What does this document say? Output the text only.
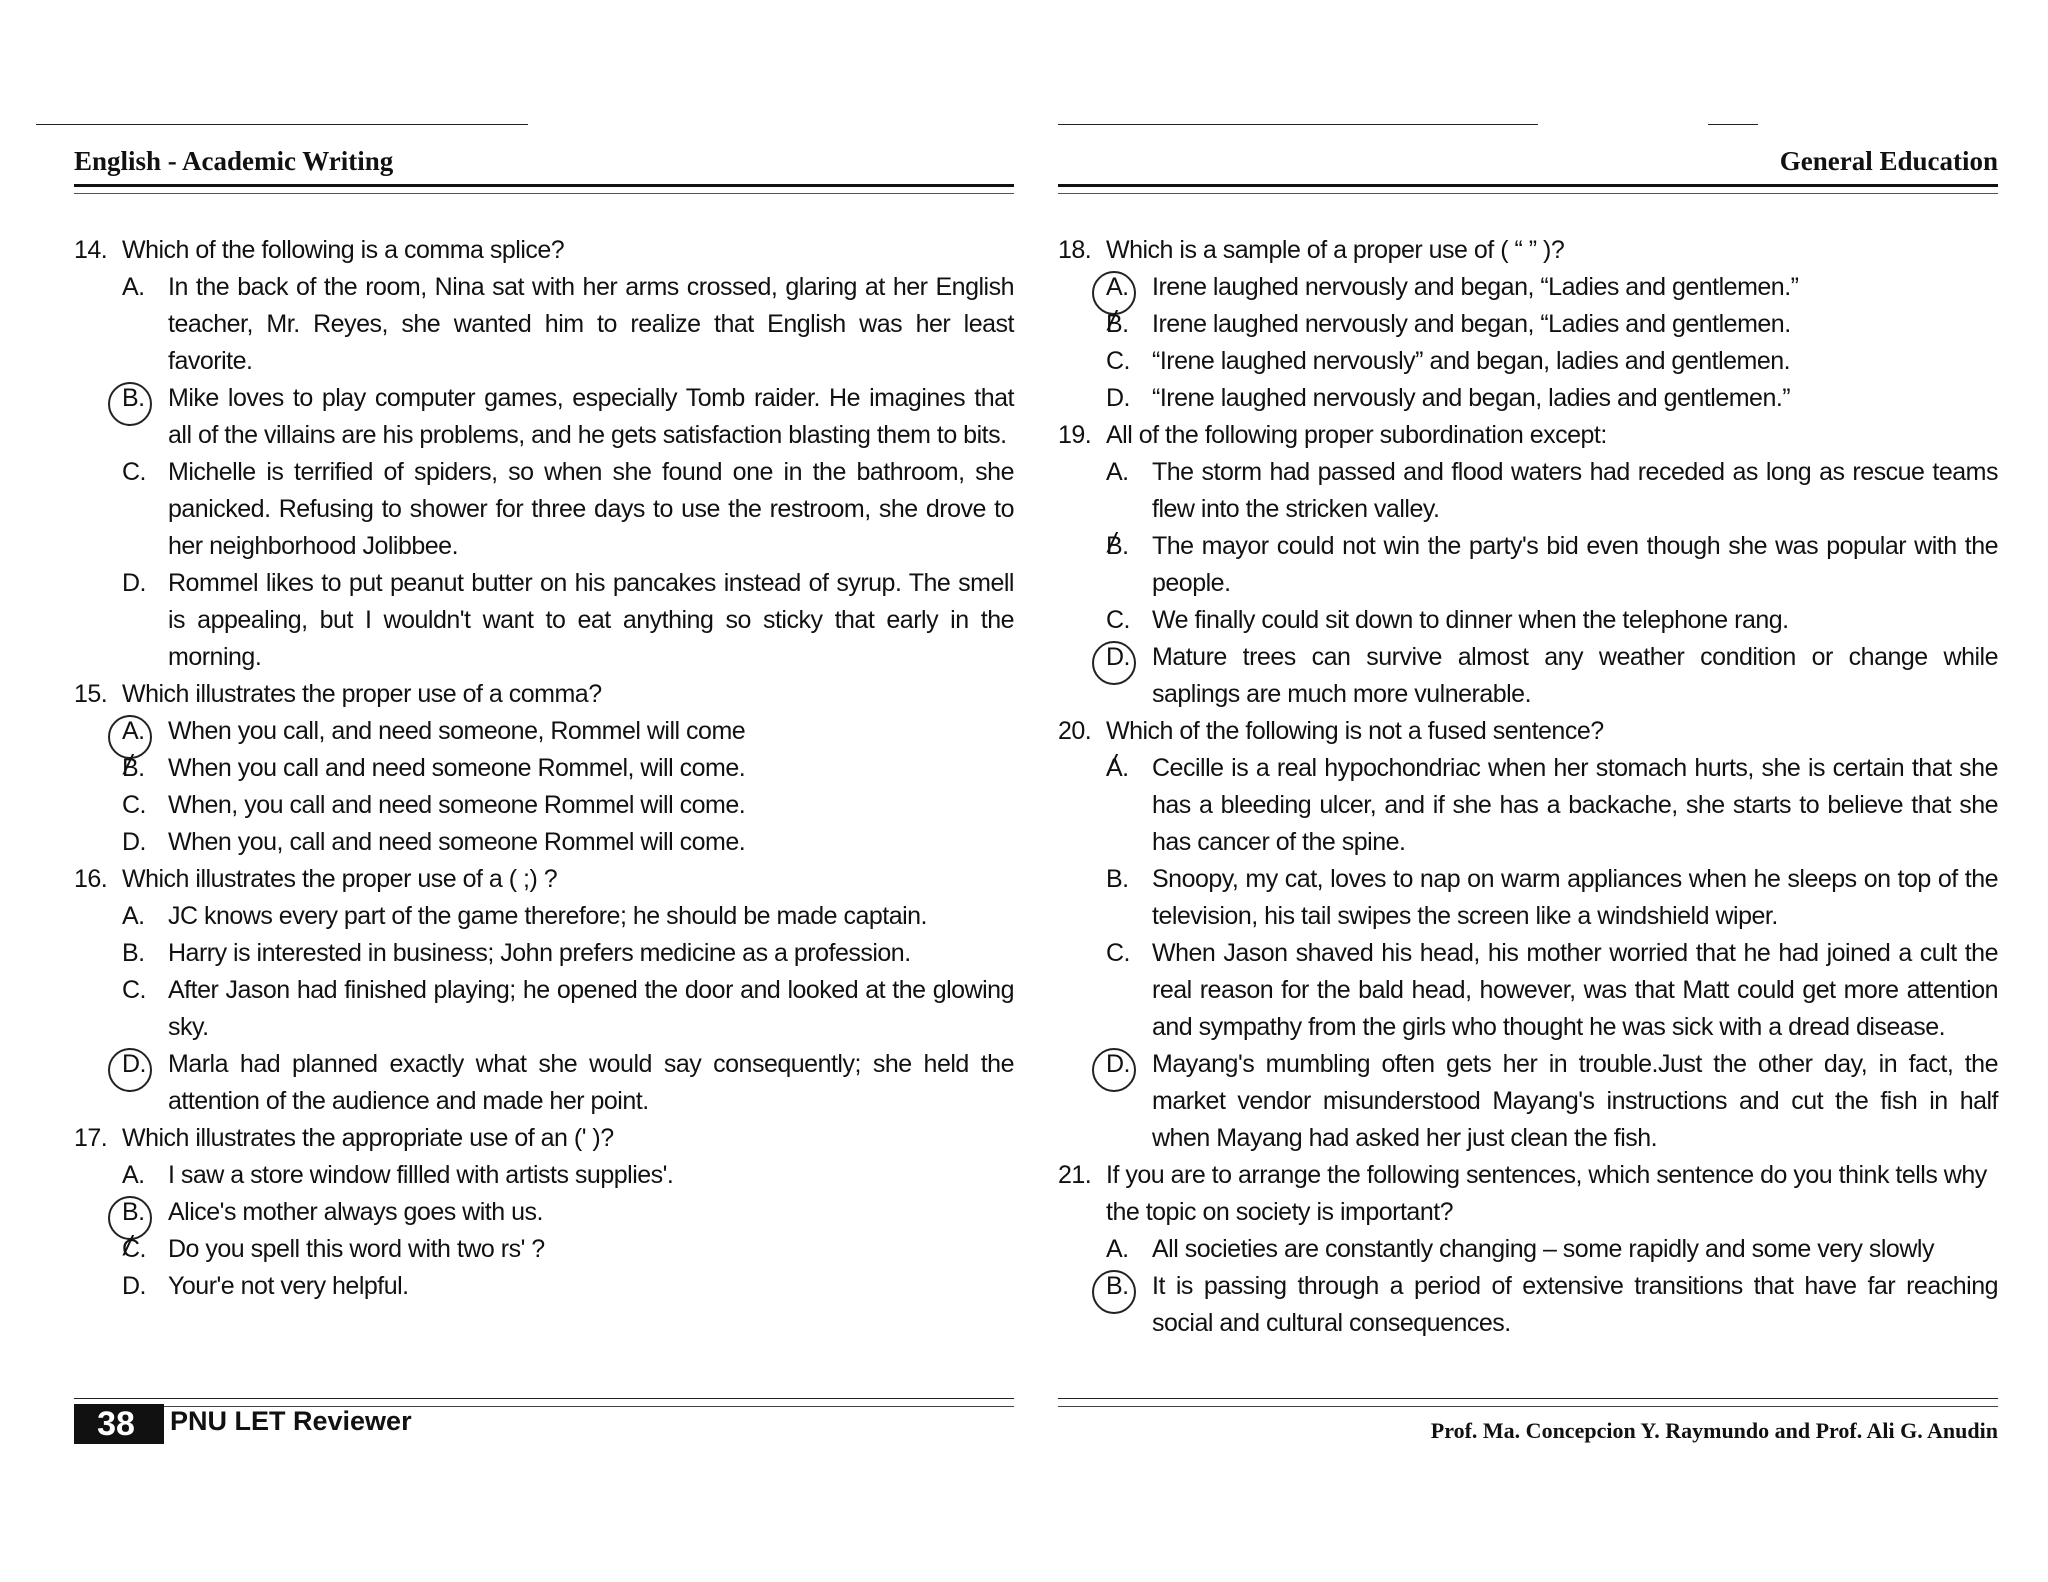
English - Academic Writing
14. Which of the following is a comma splice?
A. In the back of the room, Nina sat with her arms crossed, glaring at her English teacher, Mr. Reyes, she wanted him to realize that English was her least favorite.
B. Mike loves to play computer games, especially Tomb raider. He imagines that all of the villains are his problems, and he gets satisfaction blasting them to bits.
C. Michelle is terrified of spiders, so when she found one in the bathroom, she panicked. Refusing to shower for three days to use the restroom, she drove to her neighborhood Jolibbee.
D. Rommel likes to put peanut butter on his pancakes instead of syrup. The smell is appealing, but I wouldn't want to eat anything so sticky that early in the morning.
15. Which illustrates the proper use of a comma?
A. When you call, and need someone, Rommel will come
B. / When you call and need someone Rommel, will come.
C. When, you call and need someone Rommel will come.
D. When you, call and need someone Rommel will come.
16. Which illustrates the proper use of a ( ;) ?
A. JC knows every part of the game therefore; he should be made captain.
B. Harry is interested in business; John prefers medicine as a profession.
C. After Jason had finished playing; he opened the door and looked at the glowing sky.
D. Marla had planned exactly what she would say consequently; she held the attention of the audience and made her point.
17. Which illustrates the appropriate use of an (' )?
A. I saw a store window fillled with artists supplies'.
B. Alice's mother always goes with us.
C. / Do you spell this word with two rs' ?
D. Your'e not very helpful.
38	PNU LET Reviewer
General Education
18. Which is a sample of a proper use of ( “ ” )?
A. Irene laughed nervously and began, “Ladies and gentlemen.”
B. / Irene laughed nervously and began, “Ladies and gentlemen.
C. “Irene laughed nervously” and began, ladies and gentlemen.
D. “Irene laughed nervously and began, ladies and gentlemen.”
19. All of the following proper subordination except:
A. The storm had passed and flood waters had receded as long as rescue teams flew into the stricken valley.
B. / The mayor could not win the party's bid even though she was popular with the people.
C. We finally could sit down to dinner when the telephone rang.
D. Mature trees can survive almost any weather condition or change while saplings are much more vulnerable.
20. Which of the following is not a fused sentence?
A. / Cecille is a real hypochondriac when her stomach hurts, she is certain that she has a bleeding ulcer, and if she has a backache, she starts to believe that she has cancer of the spine.
B. Snoopy, my cat, loves to nap on warm appliances when he sleeps on top of the television, his tail swipes the screen like a windshield wiper.
C. When Jason shaved his head, his mother worried that he had joined a cult the real reason for the bald head, however, was that Matt could get more attention and sympathy from the girls who thought he was sick with a dread disease.
D. Mayang's mumbling often gets her in trouble.Just the other day, in fact, the market vendor misunderstood Mayang's instructions and cut the fish in half when Mayang had asked her just clean the fish.
21. If you are to arrange the following sentences, which sentence do you think tells why the topic on society is important?
A. All societies are constantly changing – some rapidly and some very slowly
B. It is passing through a period of extensive transitions that have far reaching social and cultural consequences.
Prof. Ma. Concepcion Y. Raymundo and Prof. Ali G. Anudin
